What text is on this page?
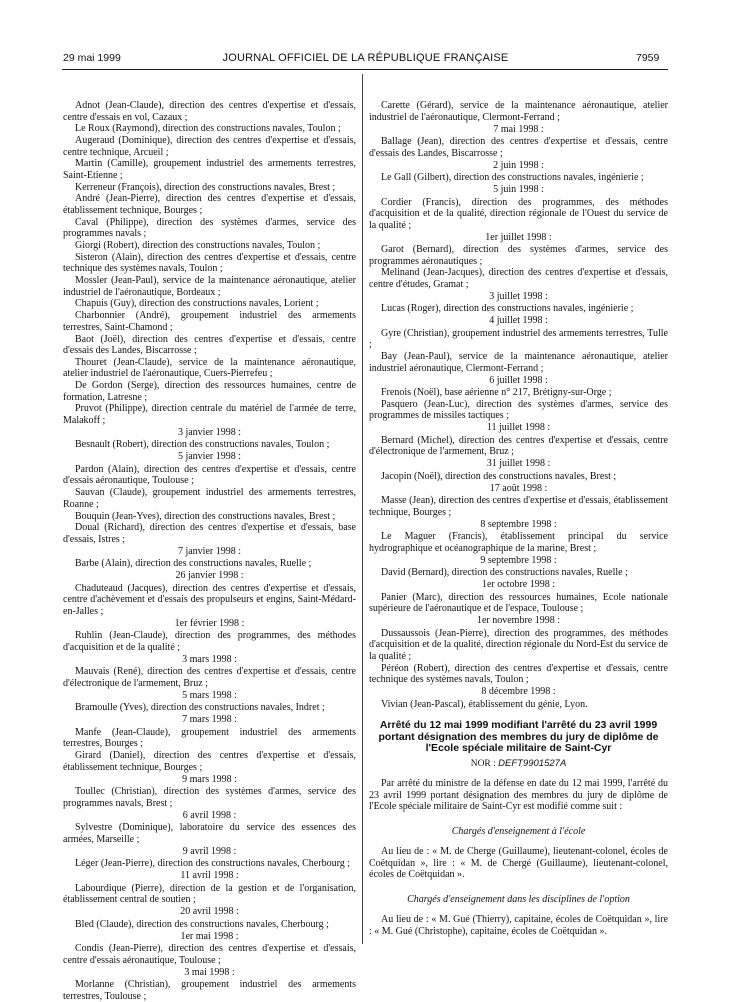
29 mai 1999	JOURNAL OFFICIEL DE LA RÉPUBLIQUE FRANÇAISE	7959
Adnot (Jean-Claude), direction des centres d'expertise et d'essais, centre d'essais en vol, Cazaux ;
Le Roux (Raymond), direction des constructions navales, Toulon ;
Augeraud (Dominique), direction des centres d'expertise et d'essais, centre technique, Arcueil ;
Martin (Camille), groupement industriel des armements terrestres, Saint-Etienne ;
Kerreneur (François), direction des constructions navales, Brest ;
André (Jean-Pierre), direction des centres d'expertise et d'essais, établissement technique, Bourges ;
Caval (Philippe), direction des systèmes d'armes, service des programmes navals ;
Giorgi (Robert), direction des constructions navales, Toulon ;
Sisteron (Alain), direction des centres d'expertise et d'essais, centre technique des systèmes navals, Toulon ;
Mossler (Jean-Paul), service de la maintenance aéronautique, atelier industriel de l'aéronautique, Bordeaux ;
Chapuis (Guy), direction des constructions navales, Lorient ;
Charbonnier (André), groupement industriel des armements terrestres, Saint-Chamond ;
Baot (Joël), direction des centres d'expertise et d'essais, centre d'essais des Landes, Biscarrosse ;
Thouret (Jean-Claude), service de la maintenance aéronautique, atelier industriel de l'aéronautique, Cuers-Pierrefeu ;
De Gordon (Serge), direction des ressources humaines, centre de formation, Latresne ;
Pruvot (Philippe), direction centrale du matériel de l'armée de terre, Malakoff ;
3 janvier 1998 :
Besnault (Robert), direction des constructions navales, Toulon ;
5 janvier 1998 :
Pardon (Alain), direction des centres d'expertise et d'essais, centre d'essais aéronautique, Toulouse ;
Sauvan (Claude), groupement industriel des armements terrestres, Roanne ;
Bouquin (Jean-Yves), direction des constructions navales, Brest ;
Doual (Richard), direction des centres d'expertise et d'essais, base d'essais, Istres ;
7 janvier 1998 :
Barbe (Alain), direction des constructions navales, Ruelle ;
26 janvier 1998 :
Chaduteaud (Jacques), direction des centres d'expertise et d'essais, centre d'achèvement et d'essais des propulseurs et engins, Saint-Médard-en-Jalles ;
1er février 1998 :
Ruhlin (Jean-Claude), direction des programmes, des méthodes d'acquisition et de la qualité ;
3 mars 1998 :
Mauvais (René), direction des centres d'expertise et d'essais, centre d'électronique de l'armement, Bruz ;
5 mars 1998 :
Bramoulle (Yves), direction des constructions navales, Indret ;
7 mars 1998 :
Manfe (Jean-Claude), groupement industriel des armements terrestres, Bourges ;
Girard (Daniel), direction des centres d'expertise et d'essais, établissement technique, Bourges ;
9 mars 1998 :
Toullec (Christian), direction des systèmes d'armes, service des programmes navals, Brest ;
6 avril 1998 :
Sylvestre (Dominique), laboratoire du service des essences des armées, Marseille ;
9 avril 1998 :
Léger (Jean-Pierre), direction des constructions navales, Cherbourg ;
11 avril 1998 :
Labourdique (Pierre), direction de la gestion et de l'organisation, établissement central de soutien ;
20 avril 1998 :
Bled (Claude), direction des constructions navales, Cherbourg ;
1er mai 1998 :
Condis (Jean-Pierre), direction des centres d'expertise et d'essais, centre d'essais aéronautique, Toulouse ;
3 mai 1998 :
Morlanne (Christian), groupement industriel des armements terrestres, Toulouse ;
Carette (Gérard), service de la maintenance aéronautique, atelier industriel de l'aéronautique, Clermont-Ferrand ;
7 mai 1998 :
Ballage (Jean), direction des centres d'expertise et d'essais, centre d'essais des Landes, Biscarrosse ;
2 juin 1998 :
Le Gall (Gilbert), direction des constructions navales, ingénierie ;
5 juin 1998 :
Cordier (Francis), direction des programmes, des méthodes d'acquisition et de la qualité, direction régionale de l'Ouest du service de la qualité ;
1er juillet 1998 :
Garot (Bernard), direction des systèmes d'armes, service des programmes aéronautiques ;
Melinand (Jean-Jacques), direction des centres d'expertise et d'essais, centre d'études, Gramat ;
3 juillet 1998 :
Lucas (Roger), direction des constructions navales, ingénierie ;
4 juillet 1998 :
Gyre (Christian), groupement industriel des armements terrestres, Tulle ;
Bay (Jean-Paul), service de la maintenance aéronautique, atelier industriel aéronautique, Clermont-Ferrand ;
6 juillet 1998 :
Frenois (Noël), base aérienne n° 217, Brétigny-sur-Orge ;
Pasquero (Jean-Luc), direction des systèmes d'armes, service des programmes de missiles tactiques ;
11 juillet 1998 :
Bernard (Michel), direction des centres d'expertise et d'essais, centre d'électronique de l'armement, Bruz ;
31 juillet 1998 :
Jacopin (Noël), direction des constructions navales, Brest ;
17 août 1998 :
Masse (Jean), direction des centres d'expertise et d'essais, établissement technique, Bourges ;
8 septembre 1998 :
Le Maguer (Francis), établissement principal du service hydrographique et océanographique de la marine, Brest ;
9 septembre 1998 :
David (Bernard), direction des constructions navales, Ruelle ;
1er octobre 1998 :
Panier (Marc), direction des ressources humaines, Ecole nationale supérieure de l'aéronautique et de l'espace, Toulouse ;
1er novembre 1998 :
Dussaussois (Jean-Pierre), direction des programmes, des méthodes d'acquisition et de la qualité, direction régionale du Nord-Est du service de la qualité ;
Péréon (Robert), direction des centres d'expertise et d'essais, centre technique des systèmes navals, Toulon ;
8 décembre 1998 :
Vivian (Jean-Pascal), établissement du génie, Lyon.
Arrêté du 12 mai 1999 modifiant l'arrêté du 23 avril 1999 portant désignation des membres du jury de diplôme de l'Ecole spéciale militaire de Saint-Cyr
NOR : DEFT9901527A
Par arrêté du ministre de la défense en date du 12 mai 1999, l'arrêté du 23 avril 1999 portant désignation des membres du jury de diplôme de l'Ecole spéciale militaire de Saint-Cyr est modifié comme suit :
Chargés d'enseignement à l'école
Au lieu de : « M. de Cherge (Guillaume), lieutenant-colonel, écoles de Coëtquidan », lire : « M. de Chergé (Guillaume), lieutenant-colonel, écoles de Coëtquidan ».
Chargés d'enseignement dans les disciplines de l'option
Au lieu de : « M. Gué (Thierry), capitaine, écoles de Coëtquidan », lire : « M. Gué (Christophe), capitaine, écoles de Coëtquidan ».
